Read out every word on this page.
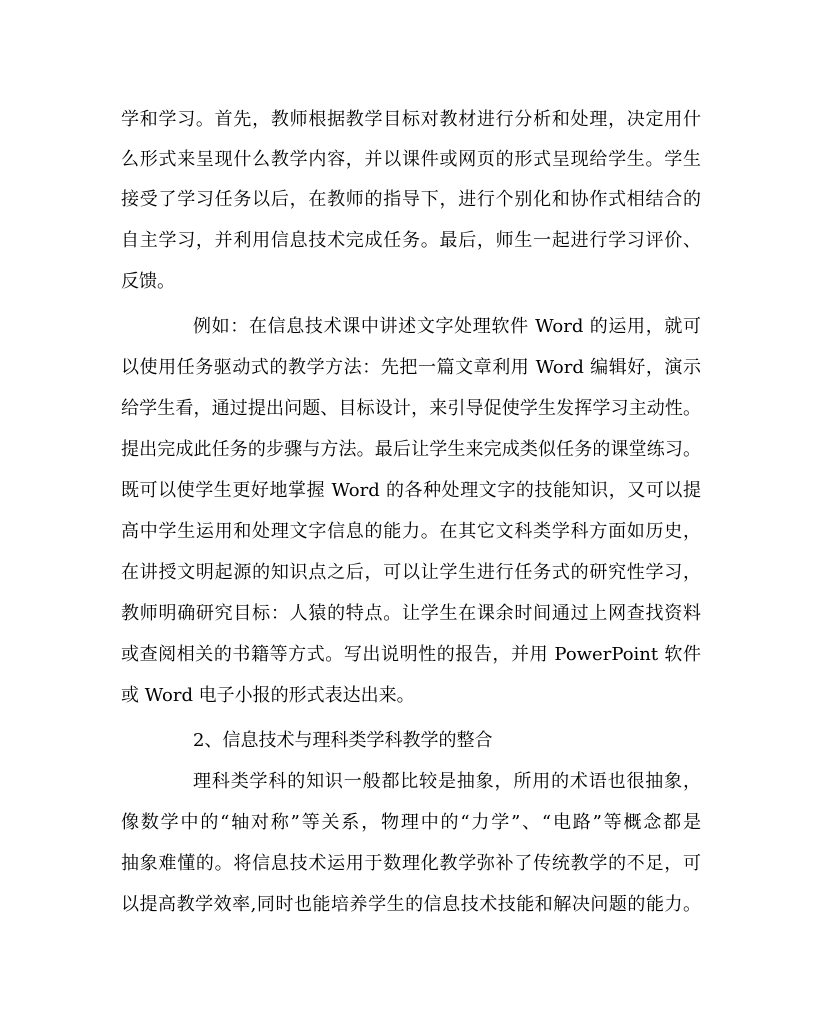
学和学习。首先，教师根据教学目标对教材进行分析和处理，决定用什
么形式来呈现什么教学内容，并以课件或网页的形式呈现给学生。学生
接受了学习任务以后，在教师的指导下，进行个别化和协作式相结合的
自主学习，并利用信息技术完成任务。最后，师生一起进行学习评价、
反馈。
例如：在信息技术课中讲述文字处理软件 Word 的运用，就可
以使用任务驱动式的教学方法：先把一篇文章利用 Word 编辑好，演示
给学生看，通过提出问题、目标设计，来引导促使学生发挥学习主动性。
提出完成此任务的步骤与方法。最后让学生来完成类似任务的课堂练习。
既可以使学生更好地掌握 Word 的各种处理文字的技能知识，又可以提
高中学生运用和处理文字信息的能力。在其它文科类学科方面如历史，
在讲授文明起源的知识点之后，可以让学生进行任务式的研究性学习，
教师明确研究目标：人猿的特点。让学生在课余时间通过上网查找资料
或查阅相关的书籍等方式。写出说明性的报告，并用 PowerPoint 软件
或 Word 电子小报的形式表达出来。
2、信息技术与理科类学科教学的整合
理科类学科的知识一般都比较是抽象，所用的术语也很抽象，
像数学中的“轴对称”等关系，物理中的“力学”、“电路”等概念都是
抽象难懂的。将信息技术运用于数理化教学弥补了传统教学的不足，可
以提高教学效率,同时也能培养学生的信息技术技能和解决问题的能力。
